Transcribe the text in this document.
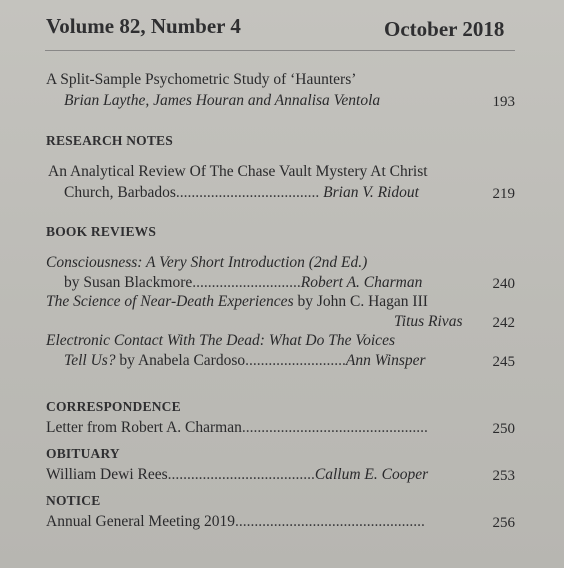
Volume 82, Number 4	October 2018
A Split-Sample Psychometric Study of ‘Haunters’
Brian Laythe, James Houran and Annalisa Ventola	193
RESEARCH NOTES
An Analytical Review Of The Chase Vault Mystery At Christ
Church, Barbados..................................... Brian V. Ridout	219
BOOK REVIEWS
Consciousness: A Very Short Introduction (2nd Ed.)
by Susan Blackmore............................Robert A. Charman	240
The Science of Near-Death Experiences by John C. Hagan III
Titus Rivas	242
Electronic Contact With The Dead: What Do The Voices
Tell Us? by Anabela Cardoso..........................Ann Winsper	245
CORRESPONDENCE
Letter from Robert A. Charman................................................	250
OBITUARY
William Dewi Rees......................................Callum E. Cooper	253
NOTICE
Annual General Meeting 2019.................................................	256
